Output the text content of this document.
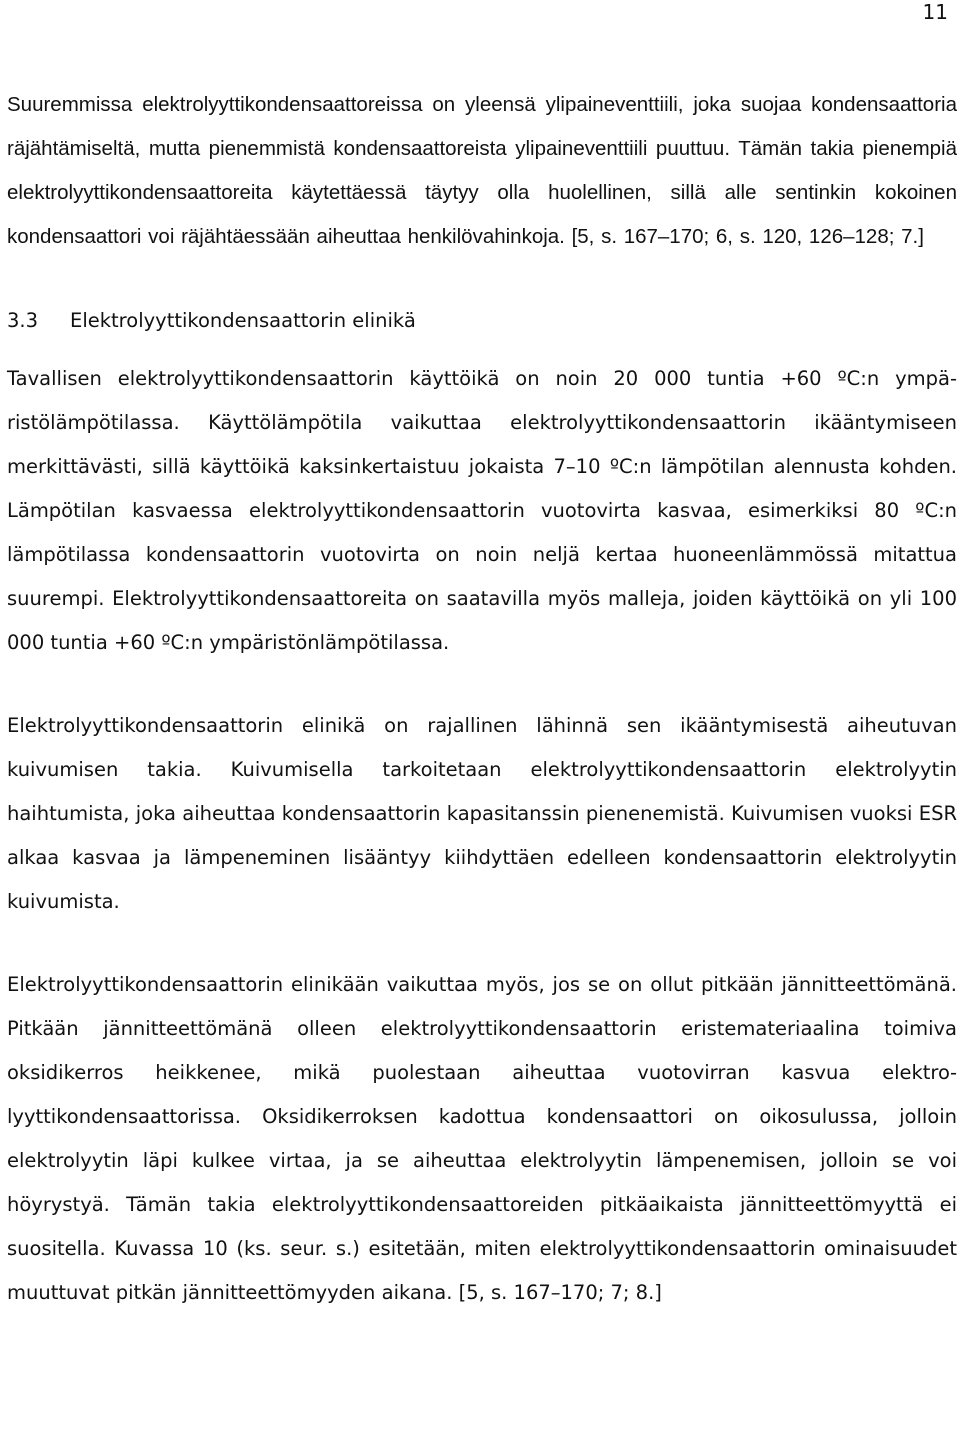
11

Suuremmissa elektrolyyttikondensaattoreissa on yleensä ylipaineventtiili, joka suojaa kondensaattoria räjähtämiseltä, mutta pienemmistä kondensaattoreista ylipaineventtiili puuttuu. Tämän takia pienempiä elektrolyyttikondensaattoreita käytettäessä täytyy olla huolellinen, sillä alle sentinkin kokoinen kondensaattori voi räjähtäessään aiheuttaa henkilövahinkoja. [5, s. 167–170; 6, s. 120, 126–128; 7.]

3.3 Elektrolyyttikondensaattorin elinikä

Tavallisen elektrolyyttikondensaattorin käyttöikä on noin 20 000 tuntia +60 ºC:n ympäristölämpötilassa. Käyttölämpötila vaikuttaa elektrolyyttikondensaattorin ikääntymiseen merkittävästi, sillä käyttöikä kaksinkertaistuu jokaista 7–10 ºC:n lämpötilan alennusta kohden. Lämpötilan kasvaessa elektrolyyttikondensaattorin vuotovirta kasvaa, esimerkiksi 80 ºC:n lämpötilassa kondensaattorin vuotovirta on noin neljä kertaa huoneenlämmössä mitattua suurempi. Elektrolyyttikondensaattoreita on saatavilla myös malleja, joiden käyttöikä on yli 100 000 tuntia +60 ºC:n ympäristönlämpötilassa.

Elektrolyyttikondensaattorin elinikä on rajallinen lähinnä sen ikääntymisestä aiheutuvan kuivumisen takia. Kuivumisella tarkoitetaan elektrolyyttikondensaattorin elektrolyytin haihtumista, joka aiheuttaa kondensaattorin kapasitanssin pienenemistä. Kuivumisen vuoksi ESR alkaa kasvaa ja lämpeneminen lisääntyy kiihdyttäen edelleen kondensaattorin elektrolyytin kuivumista.

Elektrolyyttikondensaattorin elinikään vaikuttaa myös, jos se on ollut pitkään jännitteettömänä. Pitkään jännitteettömänä olleen elektrolyyttikondensaattorin eristemateriaalina toimiva oksidikerros heikkenee, mikä puolestaan aiheuttaa vuotovirran kasvua elektrolyyttikondensaattorissa. Oksidikerroksen kadottua kondensaattori on oikosulussa, jolloin elektrolyytin läpi kulkee virtaa, ja se aiheuttaa elektrolyytin lämpenemisen, jolloin se voi höyrystyä. Tämän takia elektrolyyttikondensaattoreiden pitkäaikaista jännitteettömyyttä ei suositella. Kuvassa 10 (ks. seur. s.) esitetään, miten elektrolyyttikondensaattorin ominaisuudet muuttuvat pitkän jännitteettömyyden aikana. [5, s. 167–170; 7; 8.]
